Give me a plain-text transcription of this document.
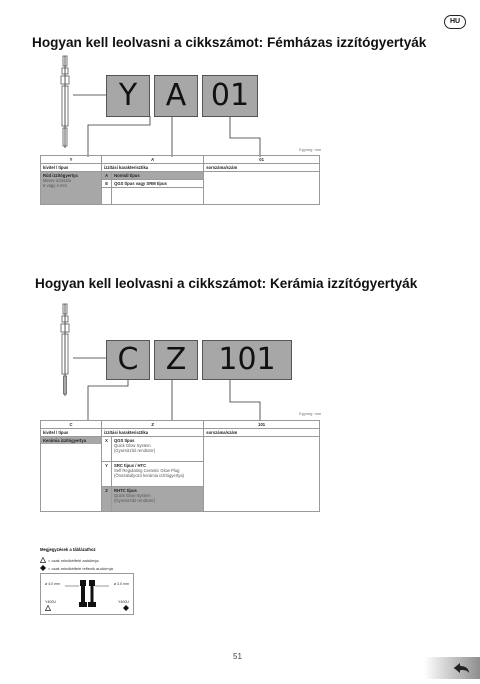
HU
Hogyan kell leolvasni a cikkszámot: Fémházas izzítógyertyák
Y A 01
Egység: mm
Y	A		01
kivitel / típus	izzítási karakterisztika		sorszáma/szám

Rúd izzítógyertya
Merev izzószár
6 vagy 4 mm	A	Normál típus	
	E	QGS típus vagy SRM típus	

Hogyan kell leolvasni a cikkszámot: Kerámia izzítógyertyák
C Z	101
Egység: mm
C	Z		101
kivitel / típus	izzítási karakterisztika		sorszáma/szám

Kerámia izzítógyertya	X	QGS típus
Quick Glow System
(Gyorsizzító rendszer)	

	Y	SRC típus / HTC
Self Regulating Ceramic Glow Plug
(Önszabályozó kerámia izzítógyertya)	

	Z	RHTC típus
Quick Glow System
(Gyorsizzító rendszer)	
Megjegyzések a táblázathoz
= csak mindkétfelé aaldómja
= csak mindkétfelé reflexik audúrmja
ø 4.0 mm	ø 3.0 mm
Y400U	Y400U
51
